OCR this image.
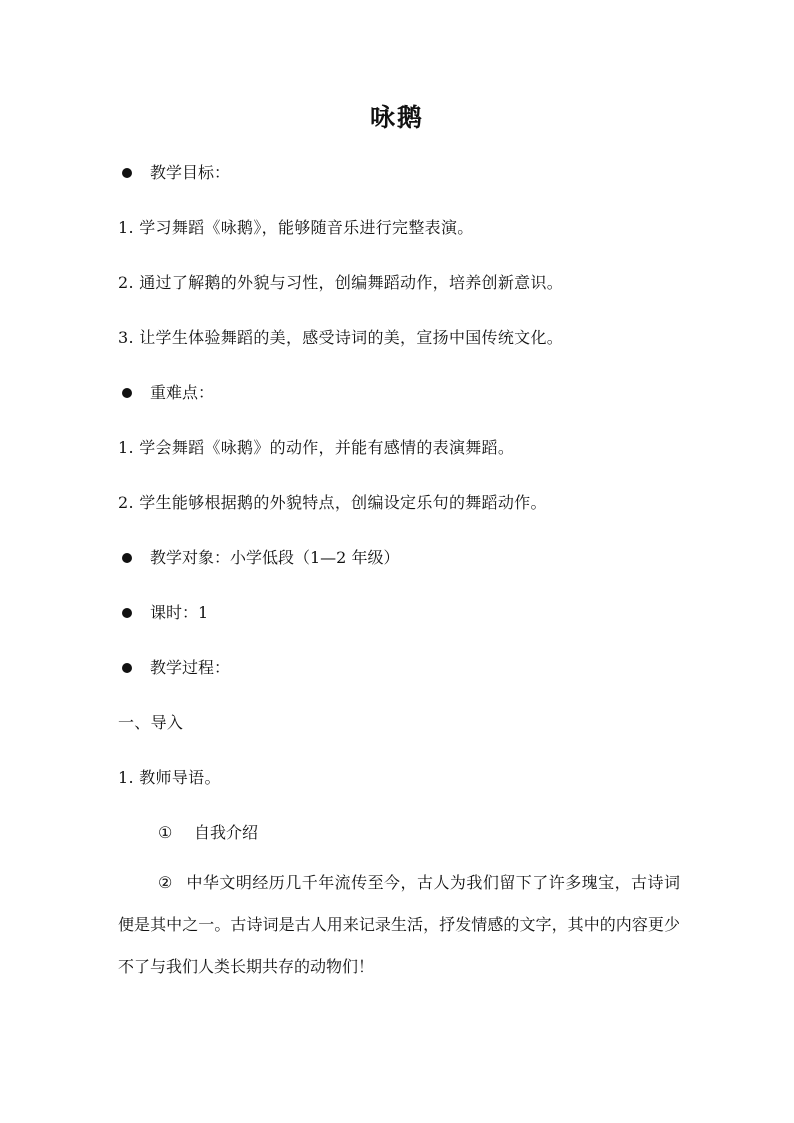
咏鹅
教学目标：
1. 学习舞蹈《咏鹅》，能够随音乐进行完整表演。
2. 通过了解鹅的外貌与习性，创编舞蹈动作，培养创新意识。
3. 让学生体验舞蹈的美，感受诗词的美，宣扬中国传统文化。
重难点：
1. 学会舞蹈《咏鹅》的动作，并能有感情的表演舞蹈。
2. 学生能够根据鹅的外貌特点，创编设定乐句的舞蹈动作。
教学对象：小学低段（1—2 年级）
课时：1
教学过程：
一、导入
1. 教师导语。
① 自我介绍
② 中华文明经历几千年流传至今，古人为我们留下了许多瑰宝，古诗词便是其中之一。古诗词是古人用来记录生活，抒发情感的文字，其中的内容更少不了与我们人类长期共存的动物们！
